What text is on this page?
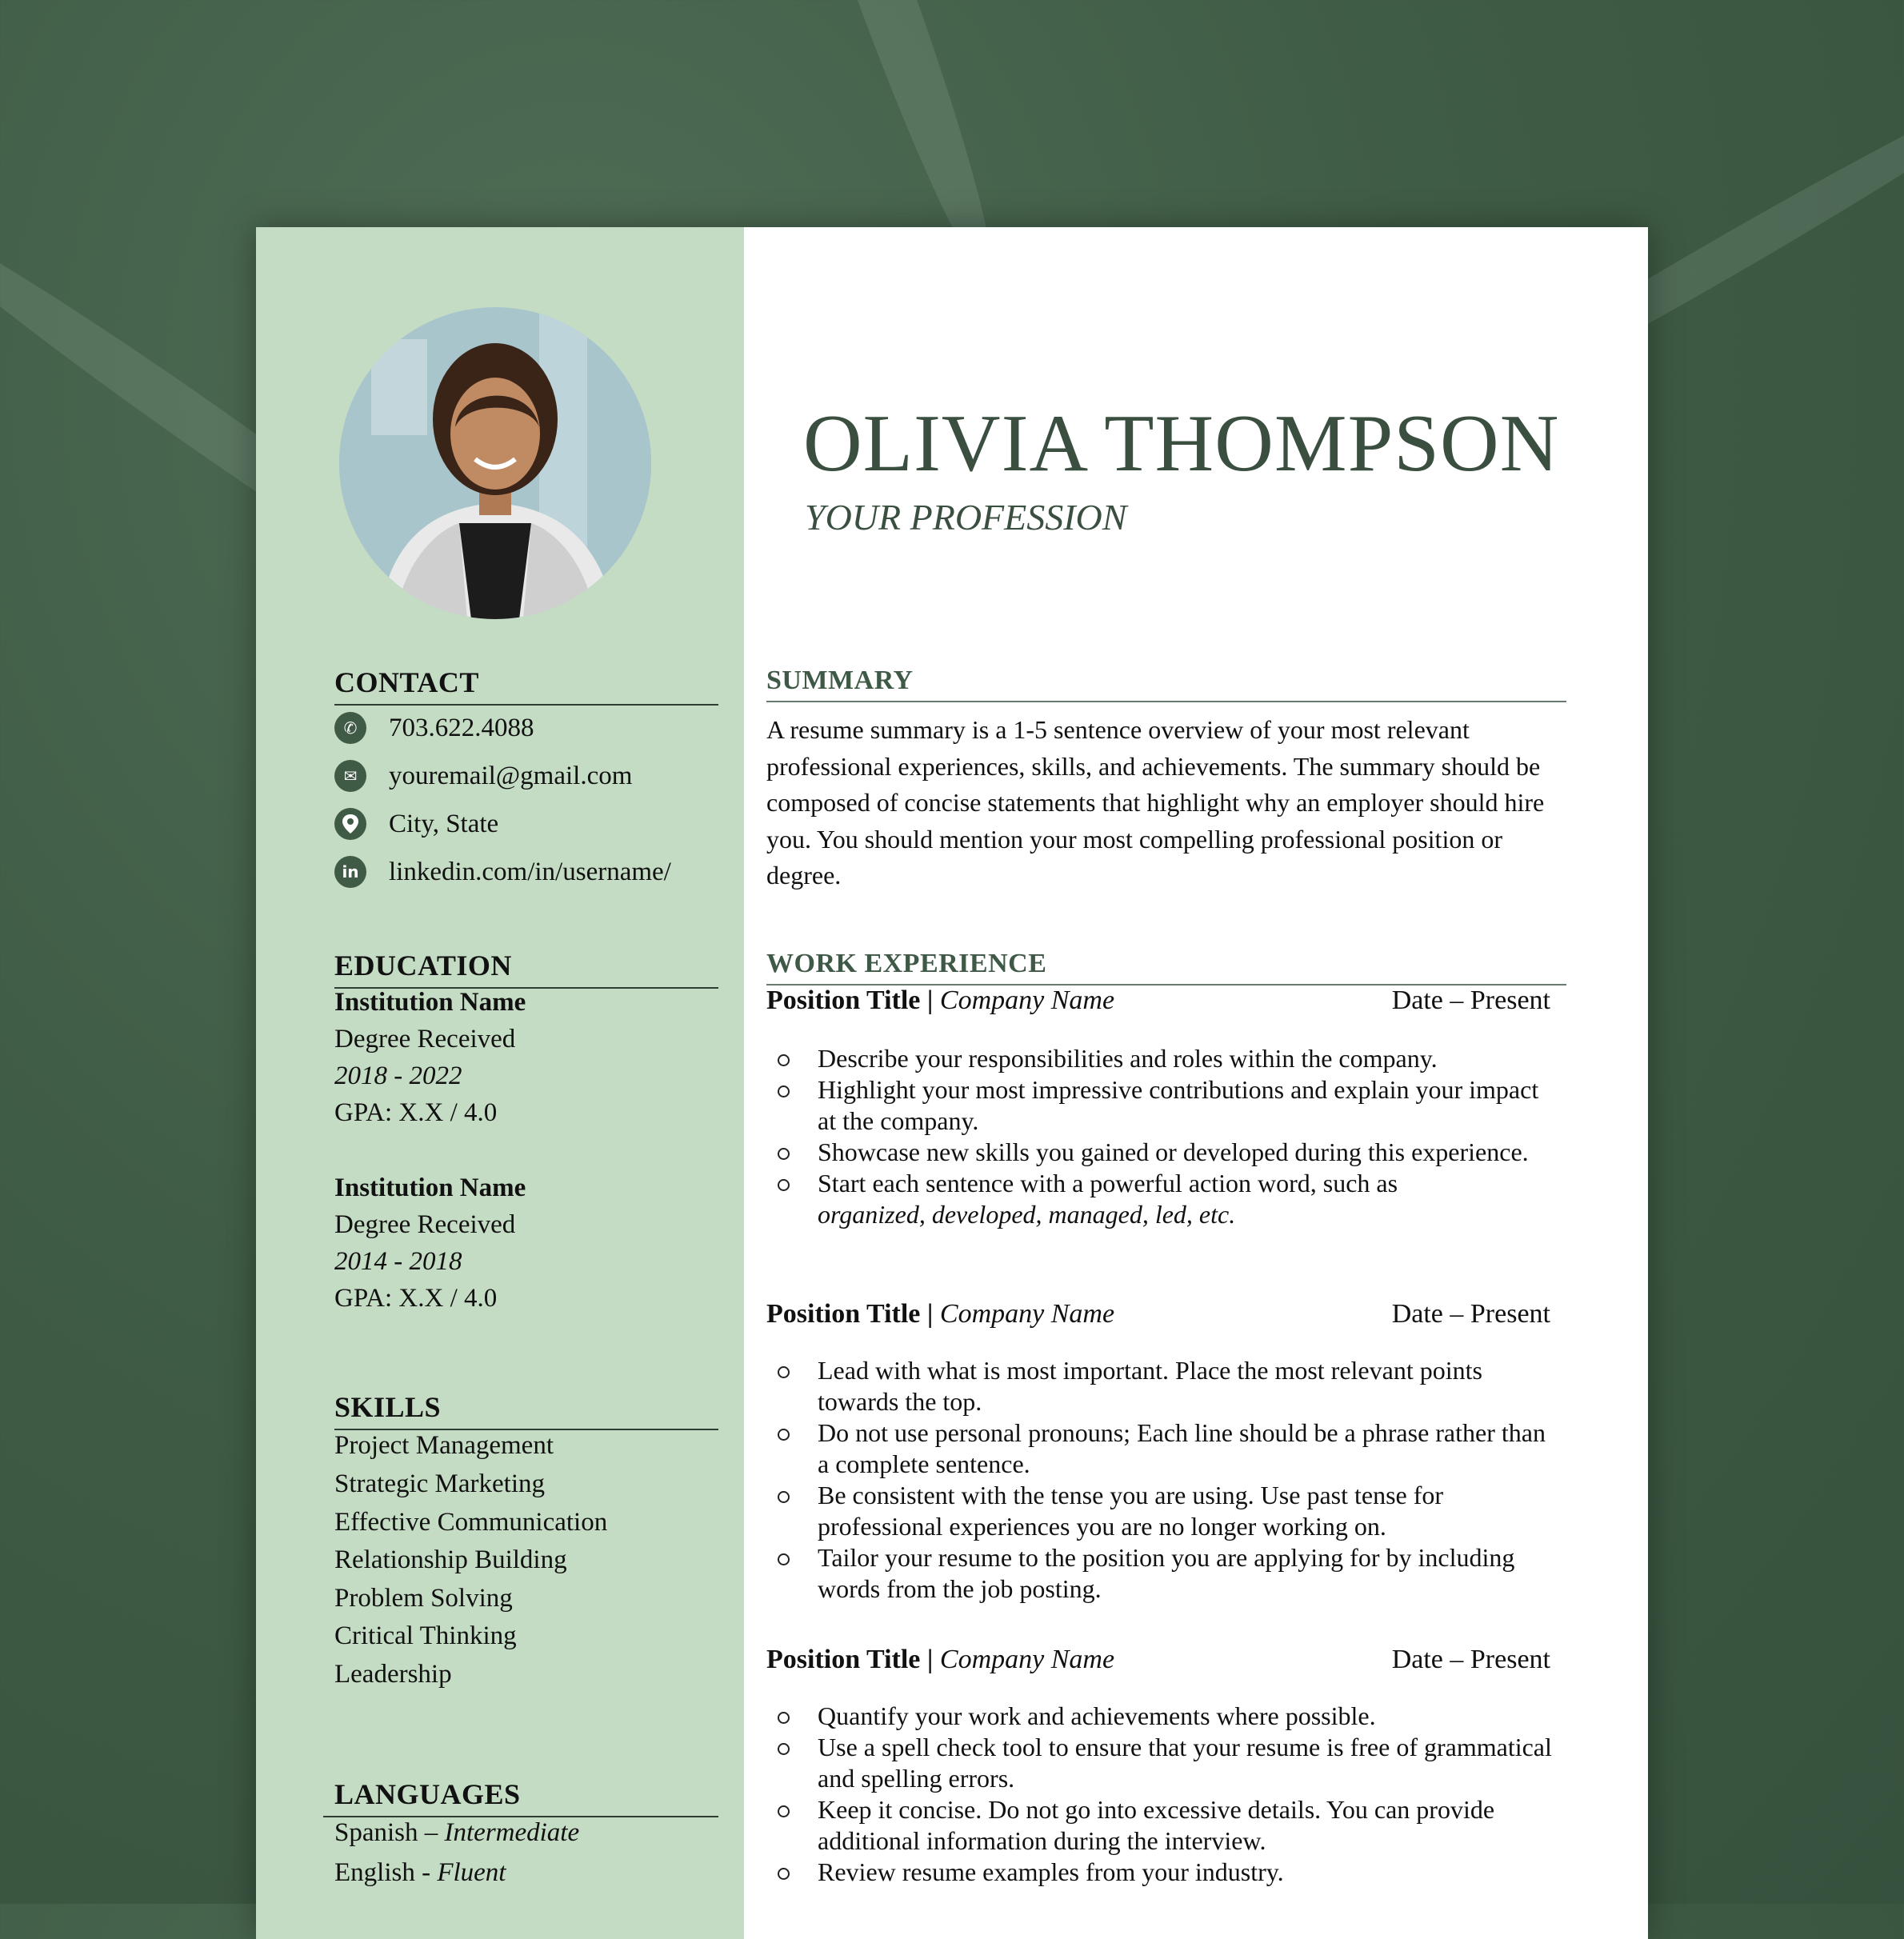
CONTACT
✆	703.622.4088
✉	youremail@gmail.com
City, State
in linkedin.com/in/username/
EDUCATION
Institution Name
Degree Received
2018 - 2022
GPA: X.X / 4.0
Institution Name
Degree Received
2014 - 2018
GPA: X.X / 4.0
SKILLS
Project Management
Strategic Marketing
Effective Communication
Relationship Building
Problem Solving
Critical Thinking
Leadership
LANGUAGES
Spanish – Intermediate
English - Fluent
OLIVIA THOMPSON
YOUR PROFESSION
SUMMARY
A resume summary is a 1-5 sentence overview of your most relevant professional experiences, skills, and achievements. The summary should be composed of concise statements that highlight why an employer should hire you. You should mention your most compelling professional position or degree.
WORK EXPERIENCE
Position Title | Company Name	Date – Present
Describe your responsibilities and roles within the company.
Highlight your most impressive contributions and explain your impact at the company.
Showcase new skills you gained or developed during this experience.
Start each sentence with a powerful action word, such as
organized, developed, managed, led, etc.
Position Title | Company Name	Date – Present
Lead with what is most important. Place the most relevant points towards the top.
Do not use personal pronouns; Each line should be a phrase rather than a complete sentence.
Be consistent with the tense you are using. Use past tense for professional experiences you are no longer working on.
Tailor your resume to the position you are applying for by including words from the job posting.
Position Title | Company Name	Date – Present
Quantify your work and achievements where possible.
Use a spell check tool to ensure that your resume is free of grammatical and spelling errors.
Keep it concise. Do not go into excessive details. You can provide additional information during the interview.
Review resume examples from your industry.
